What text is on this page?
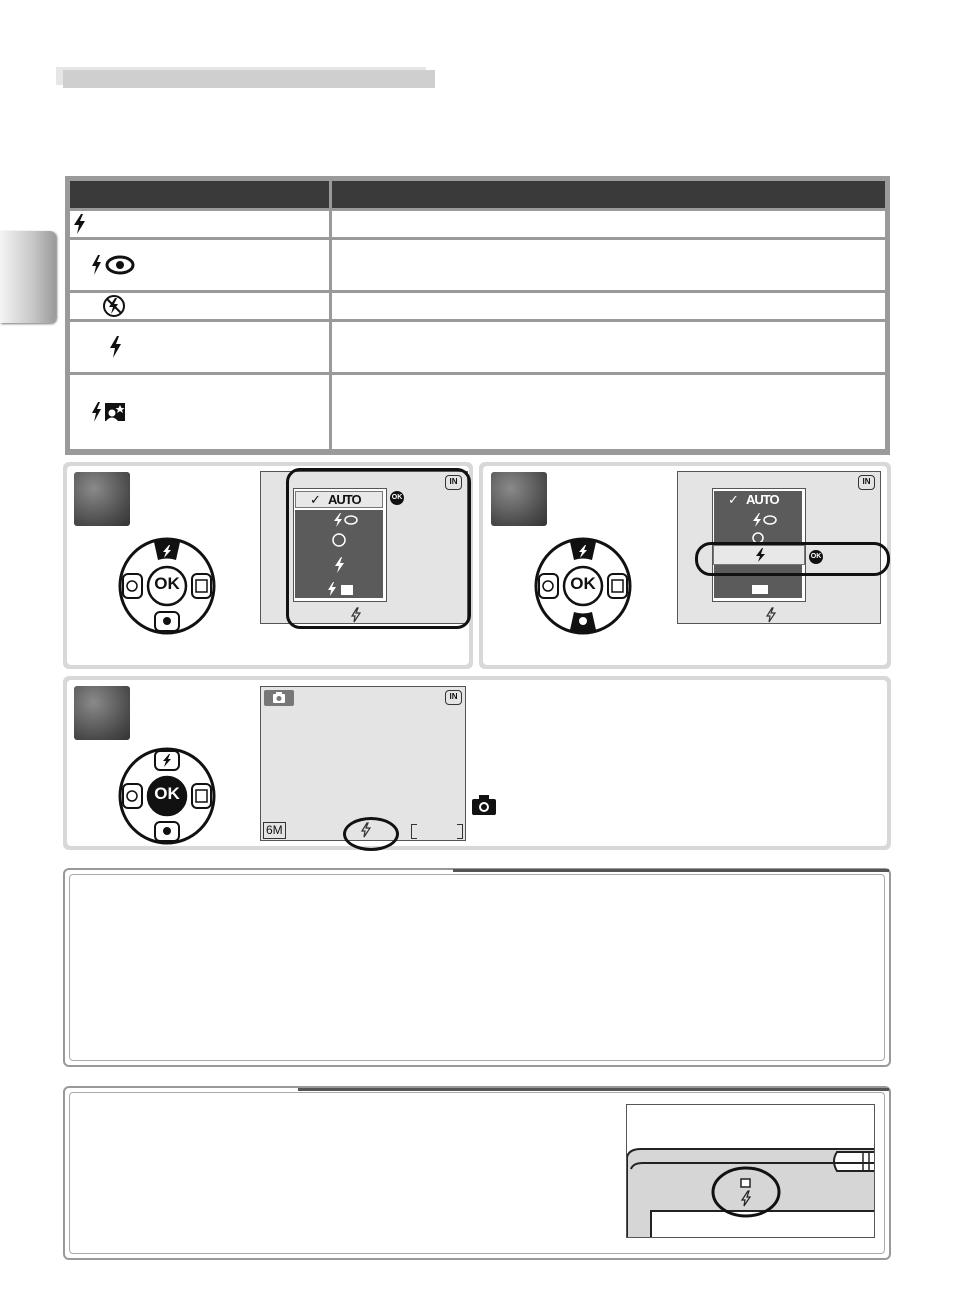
OK
✓ AUTO	OK
IN
OK
✓ AUTO
OK
IN
OK
IN
6M
